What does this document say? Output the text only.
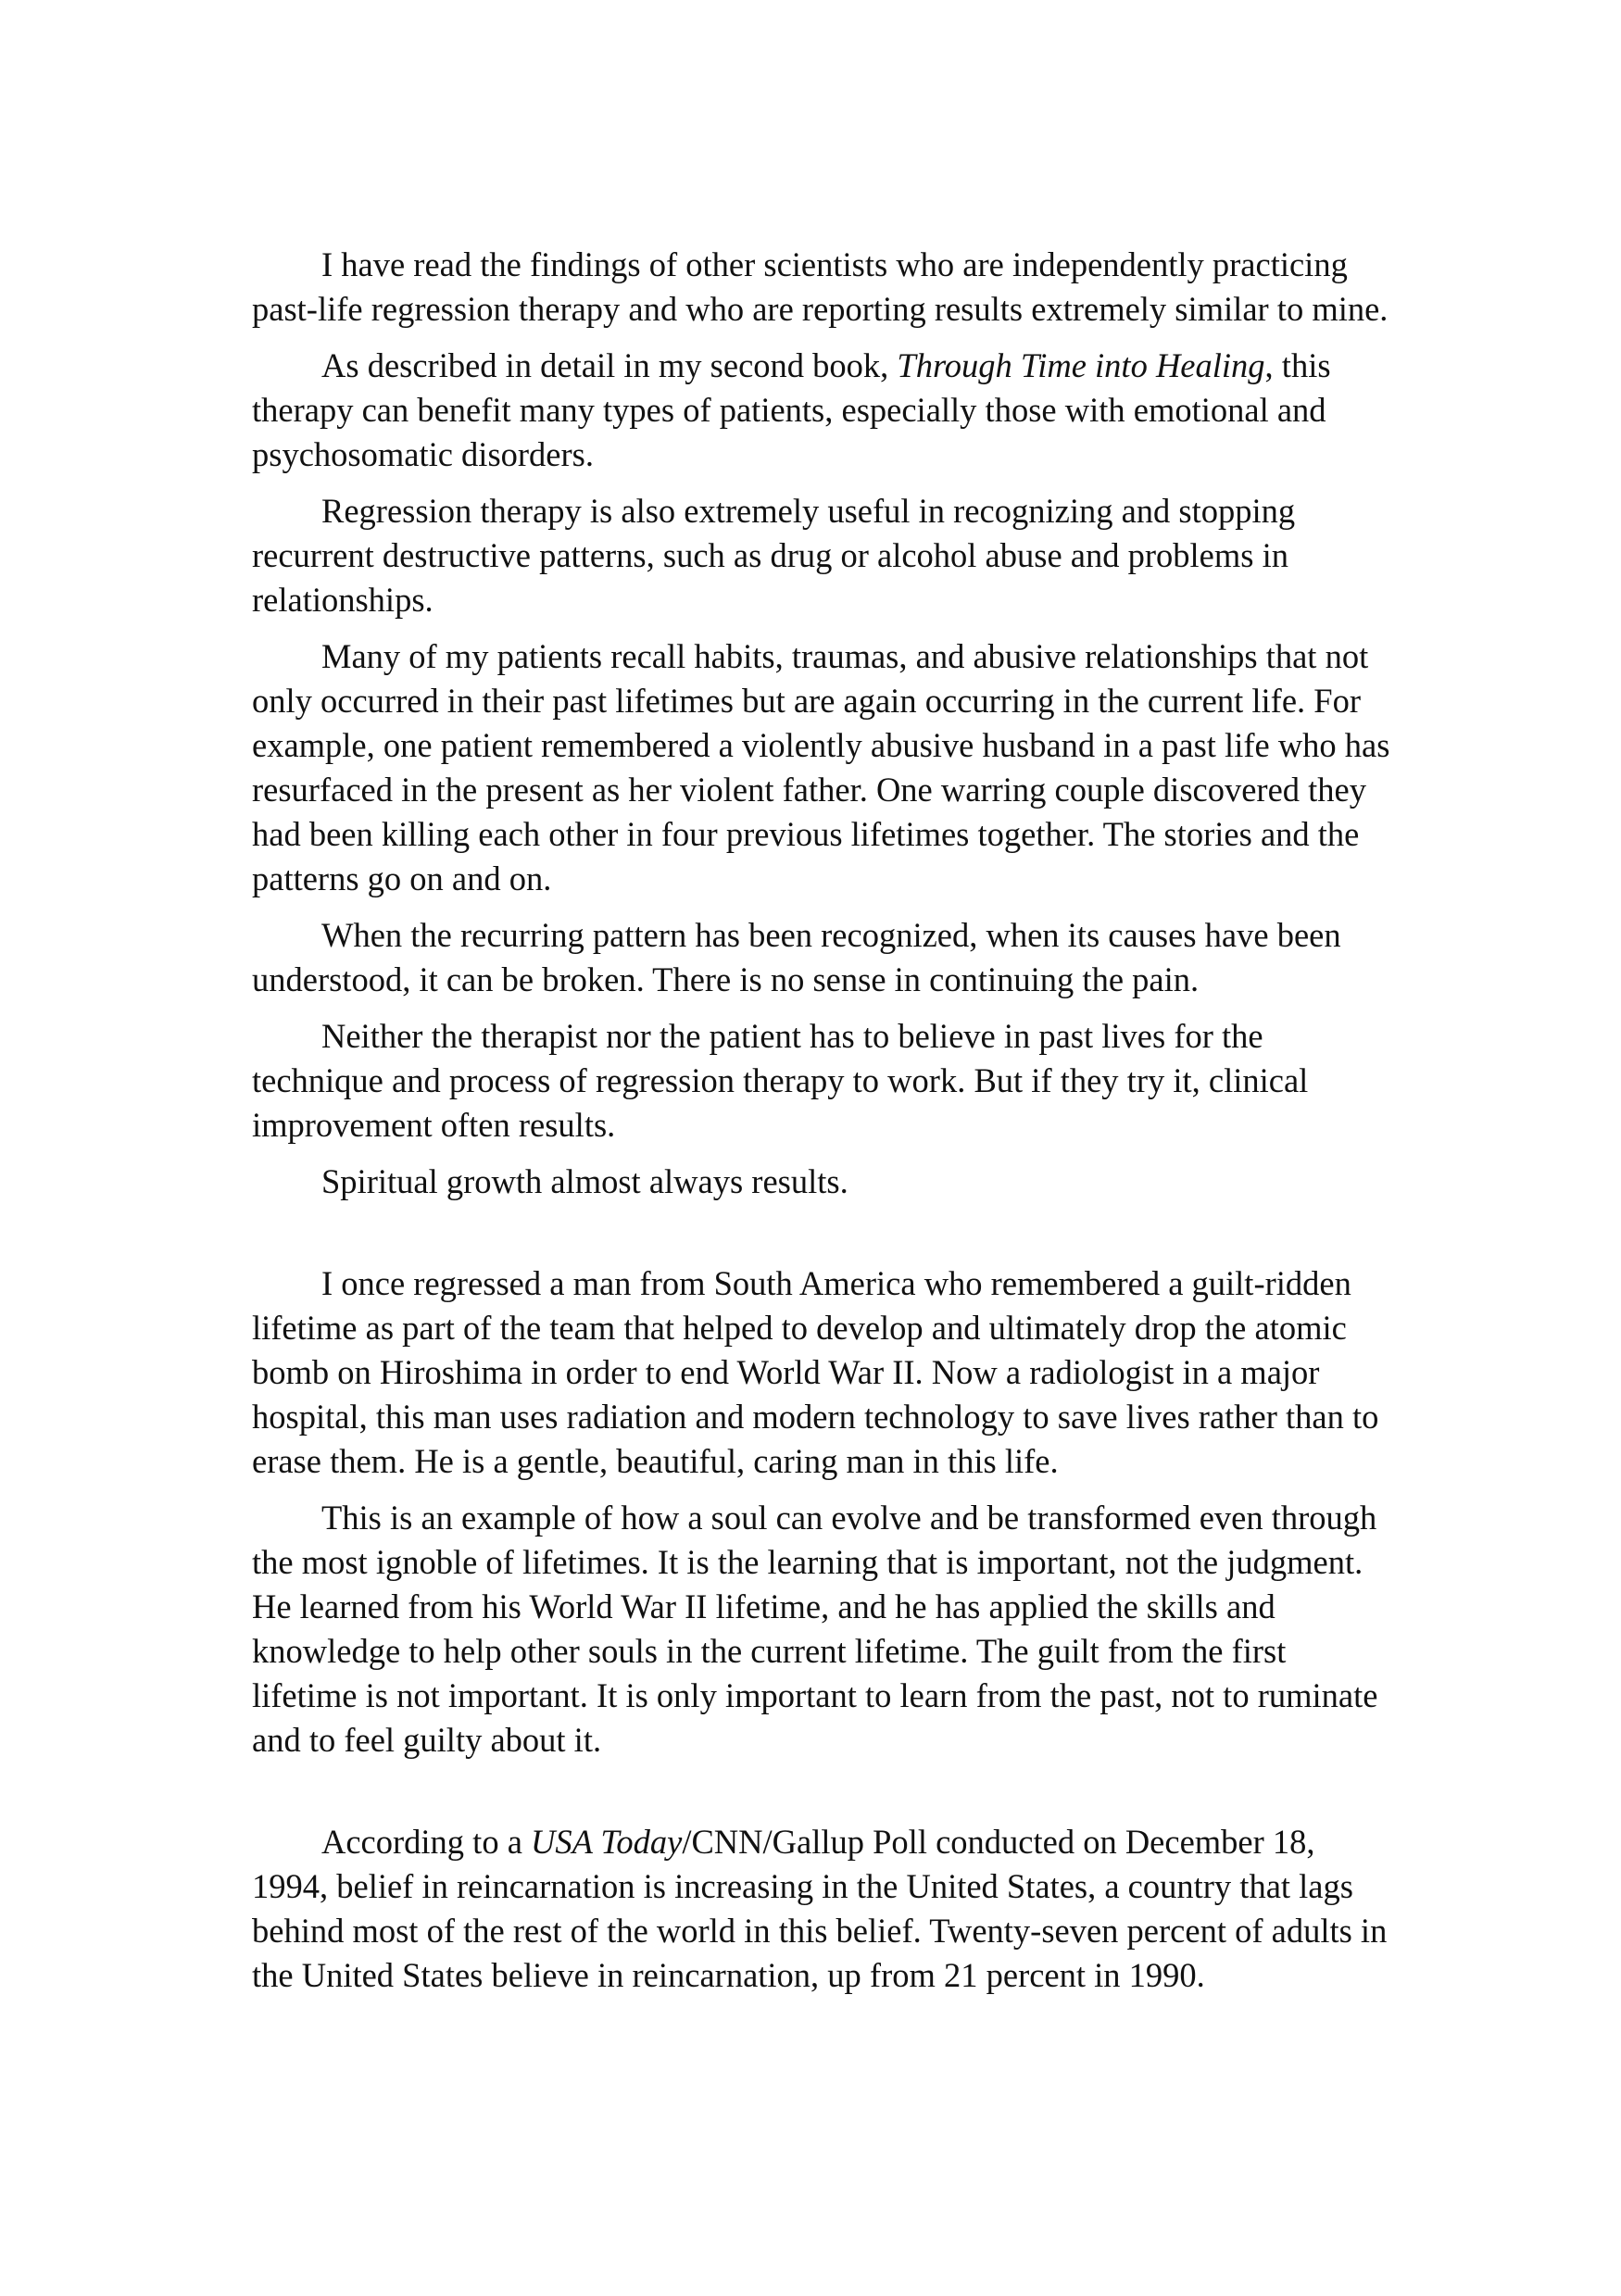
I have read the findings of other scientists who are independently practicing past-life regression therapy and who are reporting results extremely similar to mine.

As described in detail in my second book, Through Time into Healing, this therapy can benefit many types of patients, especially those with emotional and psychosomatic disorders.

Regression therapy is also extremely useful in recognizing and stopping recurrent destructive patterns, such as drug or alcohol abuse and problems in relationships.

Many of my patients recall habits, traumas, and abusive relationships that not only occurred in their past lifetimes but are again occurring in the current life. For example, one patient remembered a violently abusive husband in a past life who has resurfaced in the present as her violent father. One warring couple discovered they had been killing each other in four previous lifetimes together. The stories and the patterns go on and on.

When the recurring pattern has been recognized, when its causes have been understood, it can be broken. There is no sense in continuing the pain.

Neither the therapist nor the patient has to believe in past lives for the technique and process of regression therapy to work. But if they try it, clinical improvement often results.

Spiritual growth almost always results.

I once regressed a man from South America who remembered a guilt-ridden lifetime as part of the team that helped to develop and ultimately drop the atomic bomb on Hiroshima in order to end World War II. Now a radiologist in a major hospital, this man uses radiation and modern technology to save lives rather than to erase them. He is a gentle, beautiful, caring man in this life.

This is an example of how a soul can evolve and be transformed even through the most ignoble of lifetimes. It is the learning that is important, not the judgment. He learned from his World War II lifetime, and he has applied the skills and knowledge to help other souls in the current lifetime. The guilt from the first lifetime is not important. It is only important to learn from the past, not to ruminate and to feel guilty about it.

According to a USA Today/CNN/Gallup Poll conducted on December 18, 1994, belief in reincarnation is increasing in the United States, a country that lags behind most of the rest of the world in this belief. Twenty-seven percent of adults in the United States believe in reincarnation, up from 21 percent in 1990.
